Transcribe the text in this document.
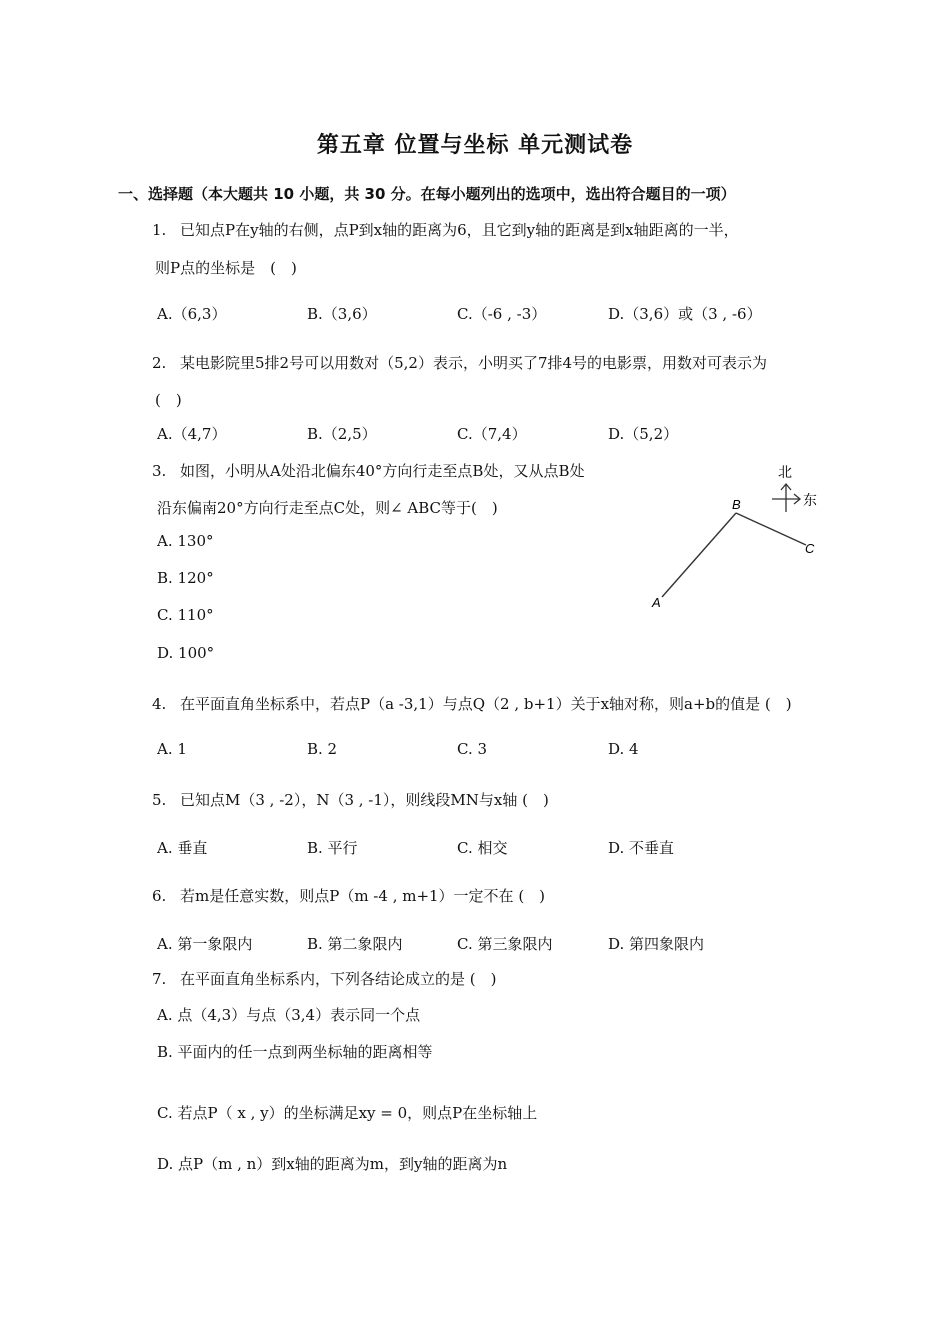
第五章 位置与坐标 单元测试卷
一、选择题（本大题共 10 小题，共 30 分。在每小题列出的选项中，选出符合题目的一项）
1. 已知点P在y轴的右侧，点P到x轴的距离为6，且它到y轴的距离是到x轴距离的一半，
则P点的坐标是　(　)
A.（6,3）	B.（3,6）	C.（-6 , -3）	D.（3,6）或（3 , -6）
2. 某电影院里5排2号可以用数对（5,2）表示，小明买了7排4号的电影票，用数对可表示为
(　)
A.（4,7）	B.（2,5）	C.（7,4）	D.（5,2）
3. 如图，小明从A处沿北偏东40°方向行走至点B处，又从点B处
沿东偏南20°方向行走至点C处，则∠ ABC等于(　)
A. 130°
B. 120°
C. 110°
D. 100°
北
东
A
B
C
4. 在平面直角坐标系中，若点P（a -3,1）与点Q（2 , b+1）关于x轴对称，则a+b的值是 (　)
A. 1	B. 2	C. 3	D. 4
5. 已知点M（3 , -2），N（3 , -1），则线段MN与x轴 (　)
A. 垂直	B. 平行	C. 相交	D. 不垂直
6. 若m是任意实数，则点P（m -4 , m+1）一定不在 (　)
A. 第一象限内	B. 第二象限内	C. 第三象限内	D. 第四象限内
7. 在平面直角坐标系内，下列各结论成立的是 (　)
A. 点（4,3）与点（3,4）表示同一个点
B. 平面内的任一点到两坐标轴的距离相等
C. 若点P（ x , y）的坐标满足xy = 0，则点P在坐标轴上
D. 点P（m , n）到x轴的距离为m，到y轴的距离为n
